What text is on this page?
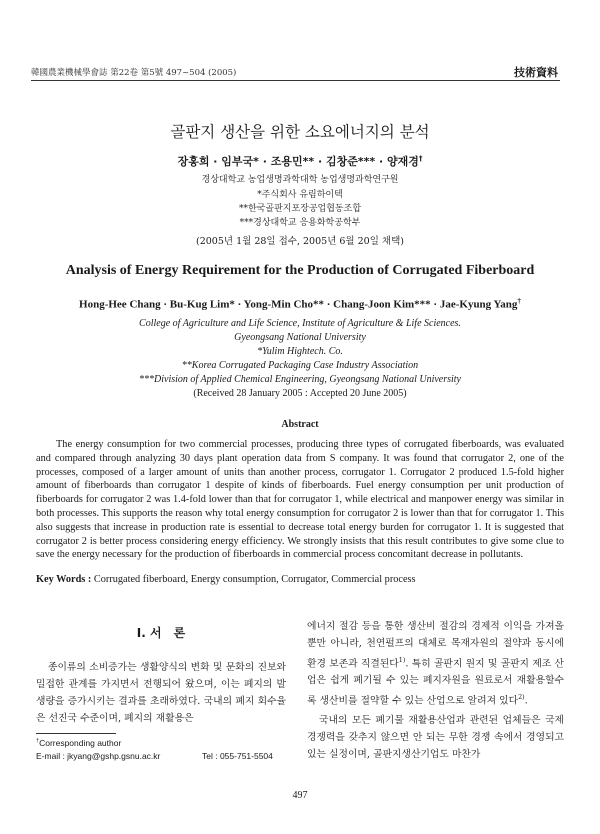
韓國農業機械學會誌 第22卷 第5號 497~504 (2005)	技術資料
골판지 생산을 위한 소요에너지의 분석
장홍희 · 임부국* · 조용민** · 김창준*** · 양재경†
경상대학교 농업생명과학대학 농업생명과학연구원
*주식회사 유림하이텍
**한국골판지포장공업협동조합
***경상대학교 응용화학공학부
(2005년 1월 28일 접수, 2005년 6월 20일 채택)
Analysis of Energy Requirement for the Production of Corrugated Fiberboard
Hong-Hee Chang · Bu-Kug Lim* · Yong-Min Cho** · Chang-Joon Kim*** · Jae-Kyung Yang†
College of Agriculture and Life Science, Institute of Agriculture & Life Sciences.
Gyeongsang National University
*Yulim Hightech. Co.
**Korea Corrugated Packaging Case Industry Association
***Division of Applied Chemical Engineering, Gyeongsang National University
(Received 28 January 2005 : Accepted 20 June 2005)
Abstract

The energy consumption for two commercial processes, producing three types of corrugated fiberboards, was evaluated and compared through analyzing 30 days plant operation data from S company. It was found that corrugator 2, one of the processes, composed of a larger amount of units than another process, corrugator 1. Corrugator 2 produced 1.5-fold higher amount of fiberboards than corrugator 1 despite of kinds of fiberboards. Fuel energy consumption per unit production of fiberboards for corrugator 2 was 1.4-fold lower than that for corrugator 1, while electrical and manpower energy was similar in both processes. This supports the reason why total energy consumption for corrugator 2 is lower than that for corrugator 1. This also suggests that increase in production rate is essential to decrease total energy burden for corrugator 1. It is suggested that corrugator 2 is better process considering energy efficiency. We strongly insists that this result contributes to give some clue to save the energy necessary for the production of fiberboards in commercial process concomitant decrease in pollutants.

Key Words : Corrugated fiberboard, Energy consumption, Corrugator, Commercial process
I. 서　론

종이류의 소비증가는 생활양식의 변화 및 문화의 진보와 밀접한 관계를 가지면서 전행되어 왔으며, 이는 폐지의 발생량을 증가시키는 결과를 초래하였다. 국내의 폐지 회수율은 선진국 수준이며, 폐지의 재활용은

에너지 절감 등을 통한 생산비 절감의 경제적 이익을 가져올 뿐만 아니라, 천연펄프의 대체로 목재자원의 절약과 동시에 환경 보존과 직결된다$^{1)}$. 특히 골판지 원지 및 골판지 제조 산업은 쉽게 폐기될 수 있는 폐지자원을 원료로서 재활용할수록 생산비를 절약할 수 있는 산업으로 알려져 있다$^{2)}$.

국내의 모든 폐기물 재활용산업과 관련된 업체들은 국제 경쟁력을 갖추지 않으면 안 되는 무한 경쟁 속에서 경영되고 있는 실정이며, 골판지생산기업도 마찬가

†Corresponding author
E-mail : jkyang@gshp.gsnu.ac.kr	Tel : 055-751-5504
497
